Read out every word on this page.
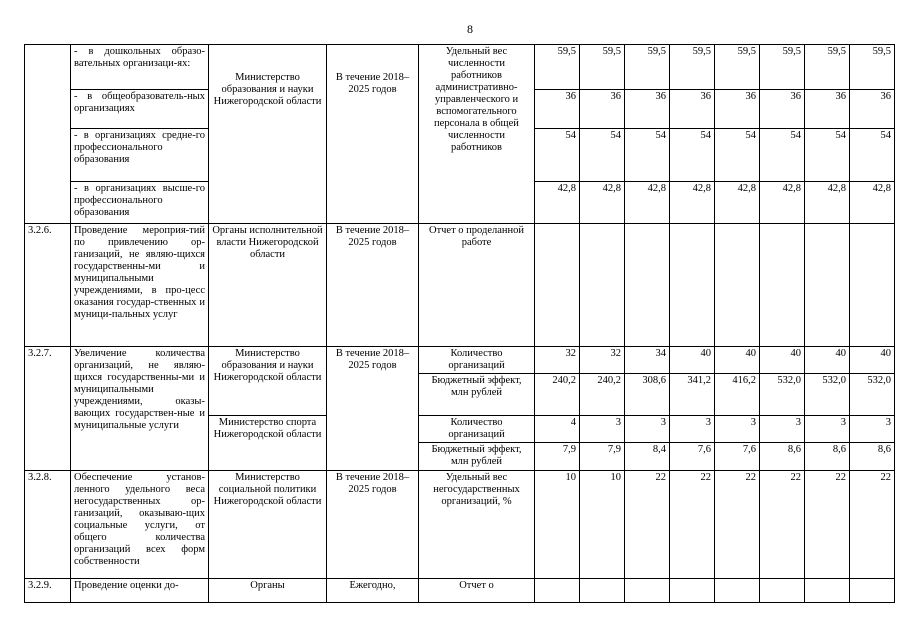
8
	- в дошкольных образо-вательных организаци-ях:	Министерство образования и науки Нижегородской области	В течение 2018–2025 годов	Удельный вес численности работников административно-управленческого и вспомогательного персонала в общей численности работников	59,5	59,5	59,5	59,5	59,5	59,5	59,5	59,5
	- в общеобразователь-ных организациях				36	36	36	36	36	36	36	36
	- в организациях средне-го профессионального образования				54	54	54	54	54	54	54	54
	- в организациях высше-го профессионального образования				42,8	42,8	42,8	42,8	42,8	42,8	42,8	42,8
3.2.6.	Проведение мероприя-тий по привлечению ор-ганизаций, не являю-щихся государственны-ми и муниципальными учреждениями, в про-цесс оказания государ-ственных и муници-пальных услуг	Органы исполнительной власти Нижегородской области	В течение 2018–2025 годов	Отчет о проделанной работе								
3.2.7.	Увеличение количества организаций, не являю-щихся государственны-ми и муниципальными учреждениями, оказы-вающих государствен-ные и муниципальные услуги	Министерство образования и науки Нижегородской области	В течение 2018–2025 годов	Количество организаций	32	32	34	40	40	40	40	40
				Бюджетный эффект, млн рублей	240,2	240,2	308,6	341,2	416,2	532,0	532,0	532,0
		Министерство спорта Нижегородской области		Количество организаций	4	3	3	3	3	3	3	3
				Бюджетный эффект, млн рублей	7,9	7,9	8,4	7,6	7,6	8,6	8,6	8,6
3.2.8.	Обеспечение установ-ленного удельного веса негосударственных ор-ганизаций, оказываю-щих социальные услуги, от общего количества организаций всех форм собственности	Министерство социальной политики Нижегородской области	В течение 2018–2025 годов	Удельный вес негосударственных организаций, %	10	10	22	22	22	22	22	22
3.2.9.	Проведение оценки до-	Органы	Ежегодно,	Отчет о								
